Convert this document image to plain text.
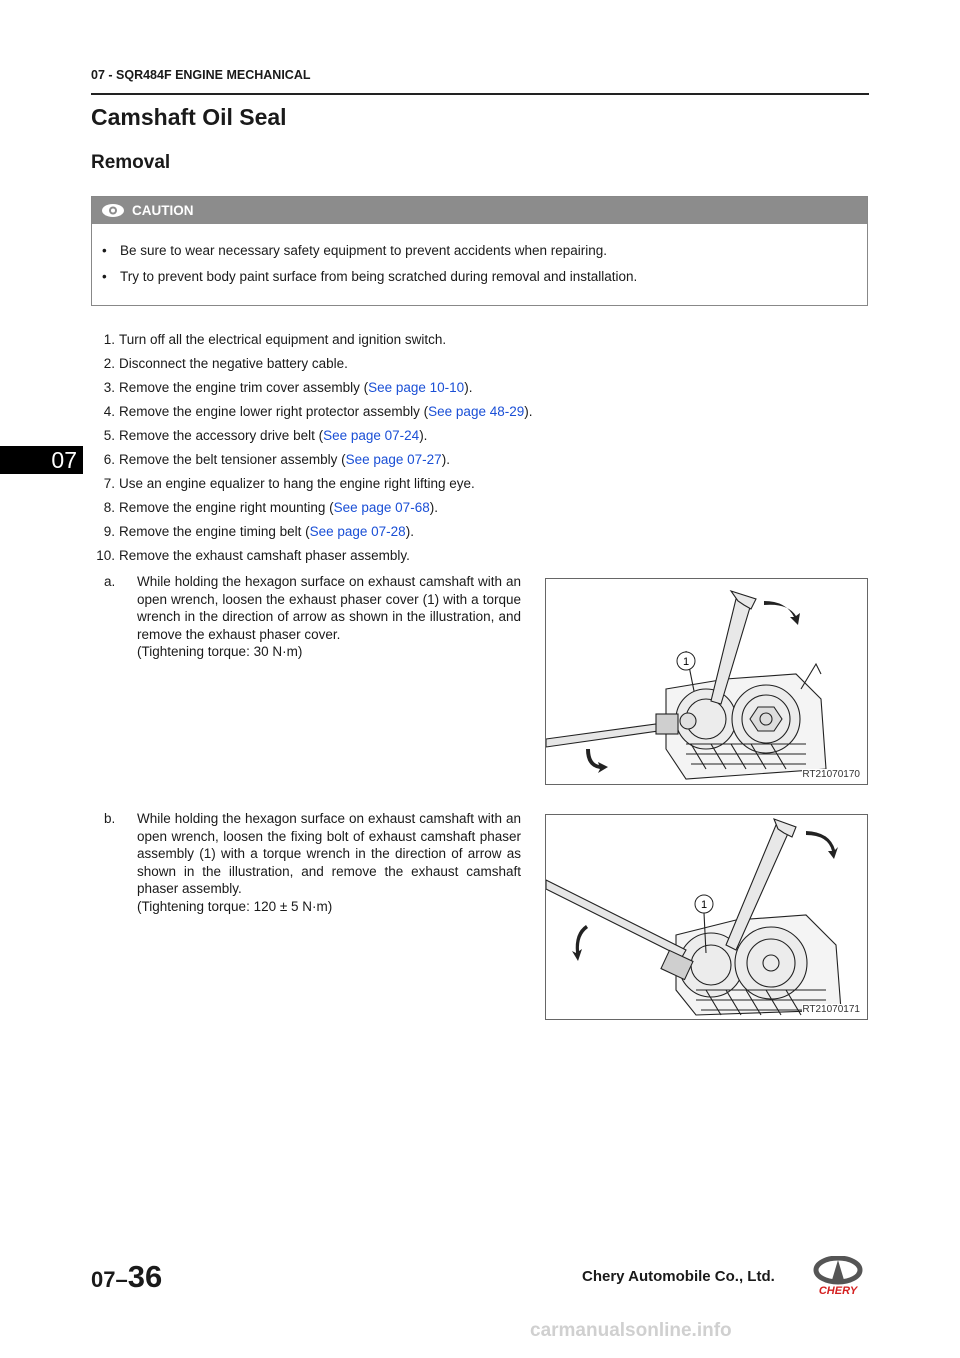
07 - SQR484F ENGINE MECHANICAL
Camshaft Oil Seal
Removal
07
CAUTION
• Be sure to wear necessary safety equipment to prevent accidents when repairing.
• Try to prevent body paint surface from being scratched during removal and installation.
1. Turn off all the electrical equipment and ignition switch.
2. Disconnect the negative battery cable.
3. Remove the engine trim cover assembly (See page 10-10).
4. Remove the engine lower right protector assembly (See page 48-29).
5. Remove the accessory drive belt (See page 07-24).
6. Remove the belt tensioner assembly (See page 07-27).
7. Use an engine equalizer to hang the engine right lifting eye.
8. Remove the engine right mounting (See page 07-68).
9. Remove the engine timing belt (See page 07-28).
10. Remove the exhaust camshaft phaser assembly.
a. While holding the hexagon surface on exhaust camshaft with an open wrench, loosen the exhaust phaser cover (1) with a torque wrench in the direction of arrow as shown in the illustration, and remove the exhaust phaser cover.
(Tightening torque: 30 N·m)
1
RT21070170
b. While holding the hexagon surface on exhaust camshaft with an open wrench, loosen the fixing bolt of exhaust camshaft phaser assembly (1) with a torque wrench in the direction of arrow as shown in the illustration, and remove the exhaust camshaft phaser assembly.
(Tightening torque: 120 ± 5 N·m)	1
RT21070171
07–36	Chery Automobile Co., Ltd.
CHERY
carmanualsonline.info
